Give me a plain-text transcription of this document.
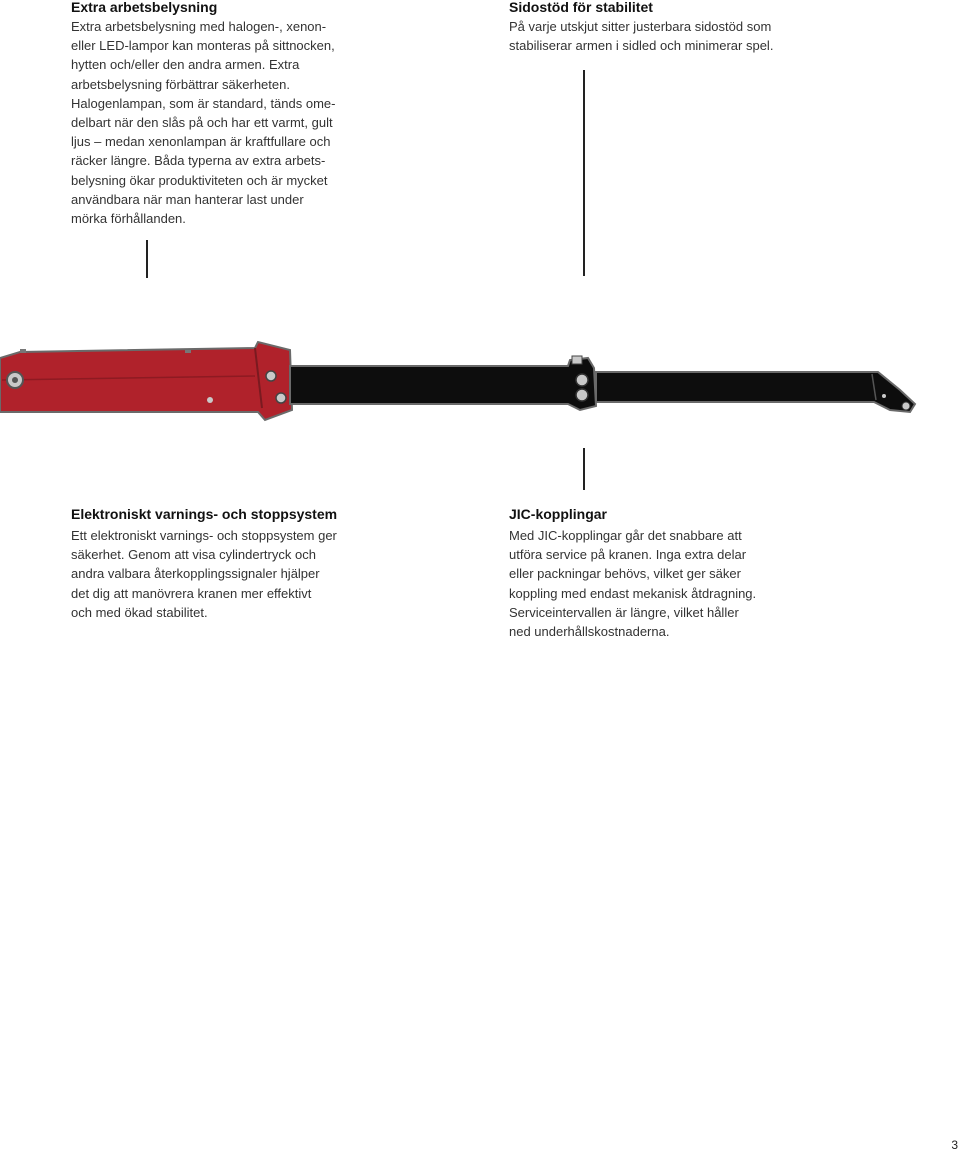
Extra arbetsbelysning

Extra arbetsbelysning med halogen-, xenon-
eller LED-lampor kan monteras på sittnocken,
hytten och/eller den andra armen. Extra
arbetsbelysning förbättrar säkerheten.
Halogenlampan, som är standard, tänds ome-
delbart när den slås på och har ett varmt, gult
ljus – medan xenonlampan är kraftfullare och
räcker längre. Båda typerna av extra arbets-
belysning ökar produktiviteten och är mycket
användbara när man hanterar last under
mörka förhållanden.

Sidostöd för stabilitet

På varje utskjut sitter justerbara sidostöd som
stabiliserar armen i sidled och minimerar spel.

Elektroniskt varnings- och stoppsystem

Ett elektroniskt varnings- och stoppsystem ger
säkerhet. Genom att visa cylindertryck och
andra valbara återkopplingssignaler hjälper
det dig att manövrera kranen mer effektivt
och med ökad stabilitet.

JIC-kopplingar

Med JIC-kopplingar går det snabbare att
utföra service på kranen. Inga extra delar
eller packningar behövs, vilket ger säker
koppling med endast mekanisk åtdragning.
Serviceintervallen är längre, vilket håller
ned underhållskostnaderna.

3
